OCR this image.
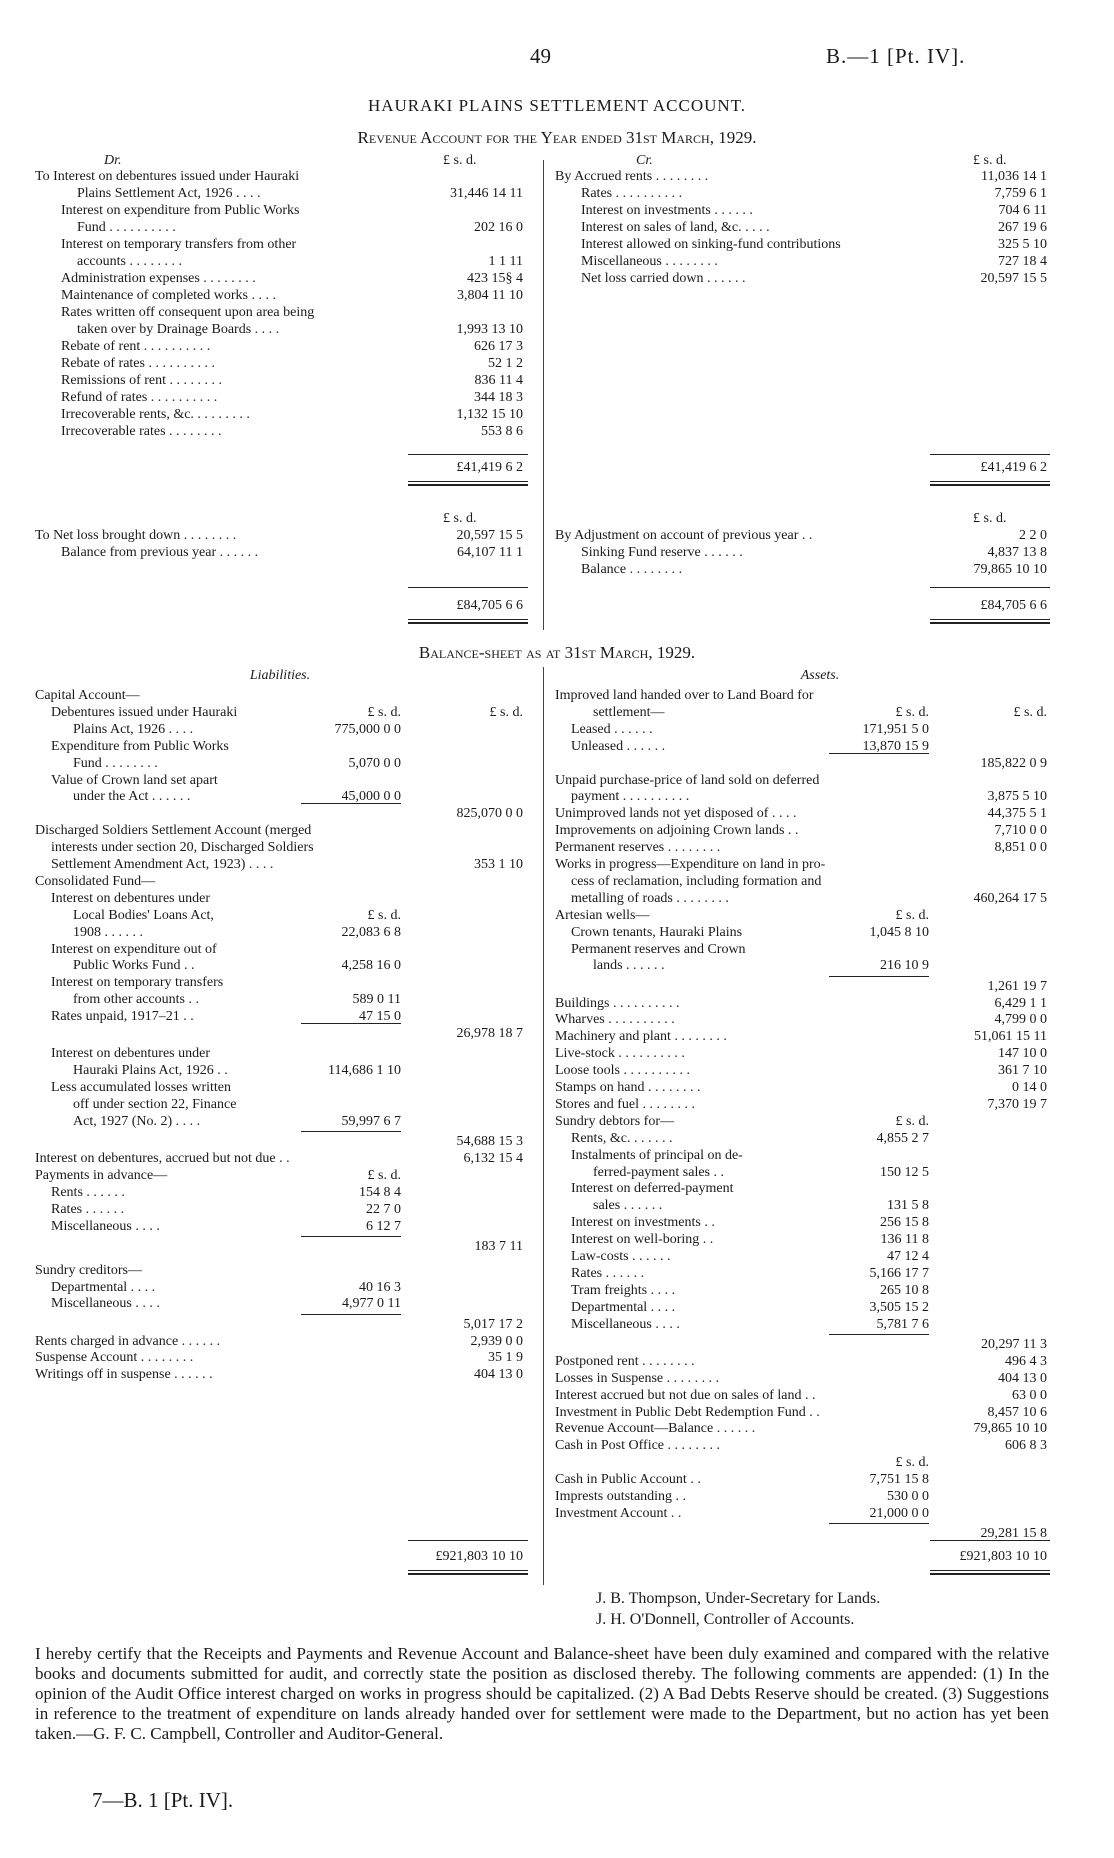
49	B.—1 [Pt. IV].
HAURAKI PLAINS SETTLEMENT ACCOUNT.
Revenue Account for the Year ended 31st March, 1929.
Dr.	£ s. d.
To Interest on debentures issued under Hauraki
Plains Settlement Act, 1926 . . . .	31,446 14 11
Interest on expenditure from Public Works
Fund . . . . . . . . . .	202 16 0
Interest on temporary transfers from other
accounts . . . . . . . .	1 1 11
Administration expenses . . . . . . . .	423 15§ 4
Maintenance of completed works . . . .	3,804 11 10
Rates written off consequent upon area being
taken over by Drainage Boards . . . .	1,993 13 10
Rebate of rent . . . . . . . . . .	626 17 3
Rebate of rates . . . . . . . . . .	52 1 2
Remissions of rent . . . . . . . .	836 11 4
Refund of rates . . . . . . . . . .	344 18 3
Irrecoverable rents, &c. . . . . . . . .	1,132 15 10
Irrecoverable rates . . . . . . . .	553 8 6
£41,419 6 2
Cr.	£ s. d.
By Accrued rents . . . . . . . .	11,036 14 1
Rates . . . . . . . . . .	7,759 6 1
Interest on investments . . . . . .	704 6 11
Interest on sales of land, &c. . . . .	267 19 6
Interest allowed on sinking-fund contributions	325 5 10
Miscellaneous . . . . . . . .	727 18 4
Net loss carried down . . . . . .	20,597 15 5
£41,419 6 2
£ s. d.
To Net loss brought down . . . . . . . .	20,597 15 5
Balance from previous year . . . . . .	64,107 11 1
£84,705 6 6
£ s. d.
By Adjustment on account of previous year . .	2 2 0
Sinking Fund reserve . . . . . .	4,837 13 8
Balance . . . . . . . .	79,865 10 10
£84,705 6 6
Balance-sheet as at 31st March, 1929.
Liabilities.
Capital Account—
Debentures issued under Hauraki	£ s. d.	£ s. d.
Plains Act, 1926 . . . .	775,000 0 0
Expenditure from Public Works
Fund . . . . . . . .	5,070 0 0
Value of Crown land set apart
under the Act . . . . . .	45,000 0 0
825,070 0 0
Discharged Soldiers Settlement Account (merged
interests under section 20, Discharged Soldiers
Settlement Amendment Act, 1923) . . . .	353 1 10
Consolidated Fund—
Interest on debentures under
Local Bodies' Loans Act,	£ s. d.
1908 . . . . . .	22,083 6 8
Interest on expenditure out of
Public Works Fund . .	4,258 16 0
Interest on temporary transfers
from other accounts . .	589 0 11
Rates unpaid, 1917–21 . .	47 15 0
26,978 18 7
Interest on debentures under
Hauraki Plains Act, 1926 . .	114,686 1 10
Less accumulated losses written
off under section 22, Finance
Act, 1927 (No. 2) . . . .	59,997 6 7
54,688 15 3
Interest on debentures, accrued but not due . .	6,132 15 4
Payments in advance—	£ s. d.
Rents . . . . . .	154 8 4
Rates . . . . . .	22 7 0
Miscellaneous . . . .	6 12 7
183 7 11
Sundry creditors—
Departmental . . . .	40 16 3
Miscellaneous . . . .	4,977 0 11
5,017 17 2
Rents charged in advance . . . . . .	2,939 0 0
Suspense Account . . . . . . . .	35 1 9
Writings off in suspense . . . . . .	404 13 0
£921,803 10 10
Assets.
Improved land handed over to Land Board for
settlement—	£ s. d.	£ s. d.
Leased . . . . . .	171,951 5 0
Unleased . . . . . .	13,870 15 9
185,822 0 9
Unpaid purchase-price of land sold on deferred
payment . . . . . . . . . .	3,875 5 10
Unimproved lands not yet disposed of . . . .	44,375 5 1
Improvements on adjoining Crown lands . .	7,710 0 0
Permanent reserves . . . . . . . .	8,851 0 0
Works in progress—Expenditure on land in pro-
cess of reclamation, including formation and
metalling of roads . . . . . . . .	460,264 17 5
Artesian wells—	£ s. d.
Crown tenants, Hauraki Plains	1,045 8 10
Permanent reserves and Crown
lands . . . . . .	216 10 9
1,261 19 7
Buildings . . . . . . . . . .	6,429 1 1
Wharves . . . . . . . . . .	4,799 0 0
Machinery and plant . . . . . . . .	51,061 15 11
Live-stock . . . . . . . . . .	147 10 0
Loose tools . . . . . . . . . .	361 7 10
Stamps on hand . . . . . . . .	0 14 0
Stores and fuel . . . . . . . .	7,370 19 7
Sundry debtors for—	£ s. d.
Rents, &c. . . . . . .	4,855 2 7
Instalments of principal on de-
ferred-payment sales . .	150 12 5
Interest on deferred-payment
sales . . . . . .	131 5 8
Interest on investments . .	256 15 8
Interest on well-boring . .	136 11 8
Law-costs . . . . . .	47 12 4
Rates . . . . . .	5,166 17 7
Tram freights . . . .	265 10 8
Departmental . . . .	3,505 15 2
Miscellaneous . . . .	5,781 7 6
20,297 11 3
Postponed rent . . . . . . . .	496 4 3
Losses in Suspense . . . . . . . .	404 13 0
Interest accrued but not due on sales of land . .	63 0 0
Investment in Public Debt Redemption Fund . .	8,457 10 6
Revenue Account—Balance . . . . . .	79,865 10 10
Cash in Post Office . . . . . . . .	606 8 3
£ s. d.
Cash in Public Account . .	7,751 15 8
Imprests outstanding . .	530 0 0
Investment Account . .	21,000 0 0
29,281 15 8
£921,803 10 10
J. B. Thompson, Under-Secretary for Lands.
J. H. O'Donnell, Controller of Accounts.
I hereby certify that the Receipts and Payments and Revenue Account and Balance-sheet have been duly examined and compared with the relative books and documents submitted for audit, and correctly state the position as disclosed thereby. The following comments are appended: (1) In the opinion of the Audit Office interest charged on works in progress should be capitalized. (2) A Bad Debts Reserve should be created. (3) Suggestions in reference to the treatment of expenditure on lands already handed over for settlement were made to the Department, but no action has yet been taken.—G. F. C. Campbell, Controller and Auditor-General.
7—B. 1 [Pt. IV].
